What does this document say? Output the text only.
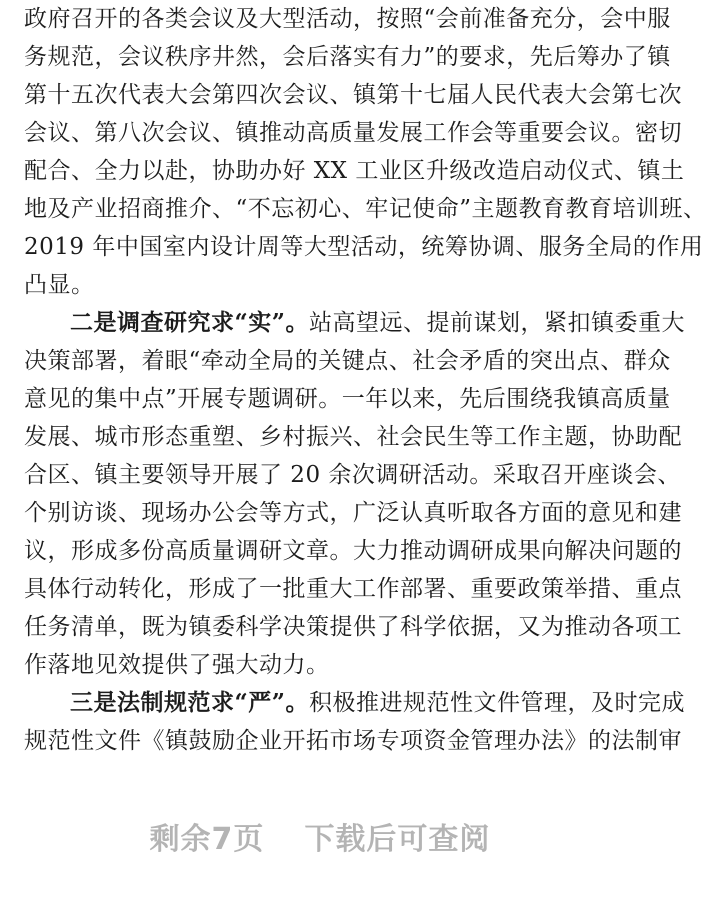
政府召开的各类会议及大型活动，按照“会前准备充分，会中服
务规范，会议秩序井然，会后落实有力”的要求，先后筹办了镇
第十五次代表大会第四次会议、镇第十七届人民代表大会第七次
会议、第八次会议、镇推动高质量发展工作会等重要会议。密切
配合、全力以赴，协助办好 XX 工业区升级改造启动仪式、镇土
地及产业招商推介、“不忘初心、牢记使命”主题教育教育培训班、
2019 年中国室内设计周等大型活动，统筹协调、服务全局的作用
凸显。
二是调查研究求“实”。站高望远、提前谋划，紧扣镇委重大
决策部署，着眼“牵动全局的关键点、社会矛盾的突出点、群众
意见的集中点”开展专题调研。一年以来，先后围绕我镇高质量
发展、城市形态重塑、乡村振兴、社会民生等工作主题，协助配
合区、镇主要领导开展了 20 余次调研活动。采取召开座谈会、
个别访谈、现场办公会等方式，广泛认真听取各方面的意见和建
议，形成多份高质量调研文章。大力推动调研成果向解决问题的
具体行动转化，形成了一批重大工作部署、重要政策举措、重点
任务清单，既为镇委科学决策提供了科学依据，又为推动各项工
作落地见效提供了强大动力。
三是法制规范求“严”。积极推进规范性文件管理，及时完成
规范性文件《镇鼓励企业开拓市场专项资金管理办法》的法制审
剩余7页 下载后可查阅
